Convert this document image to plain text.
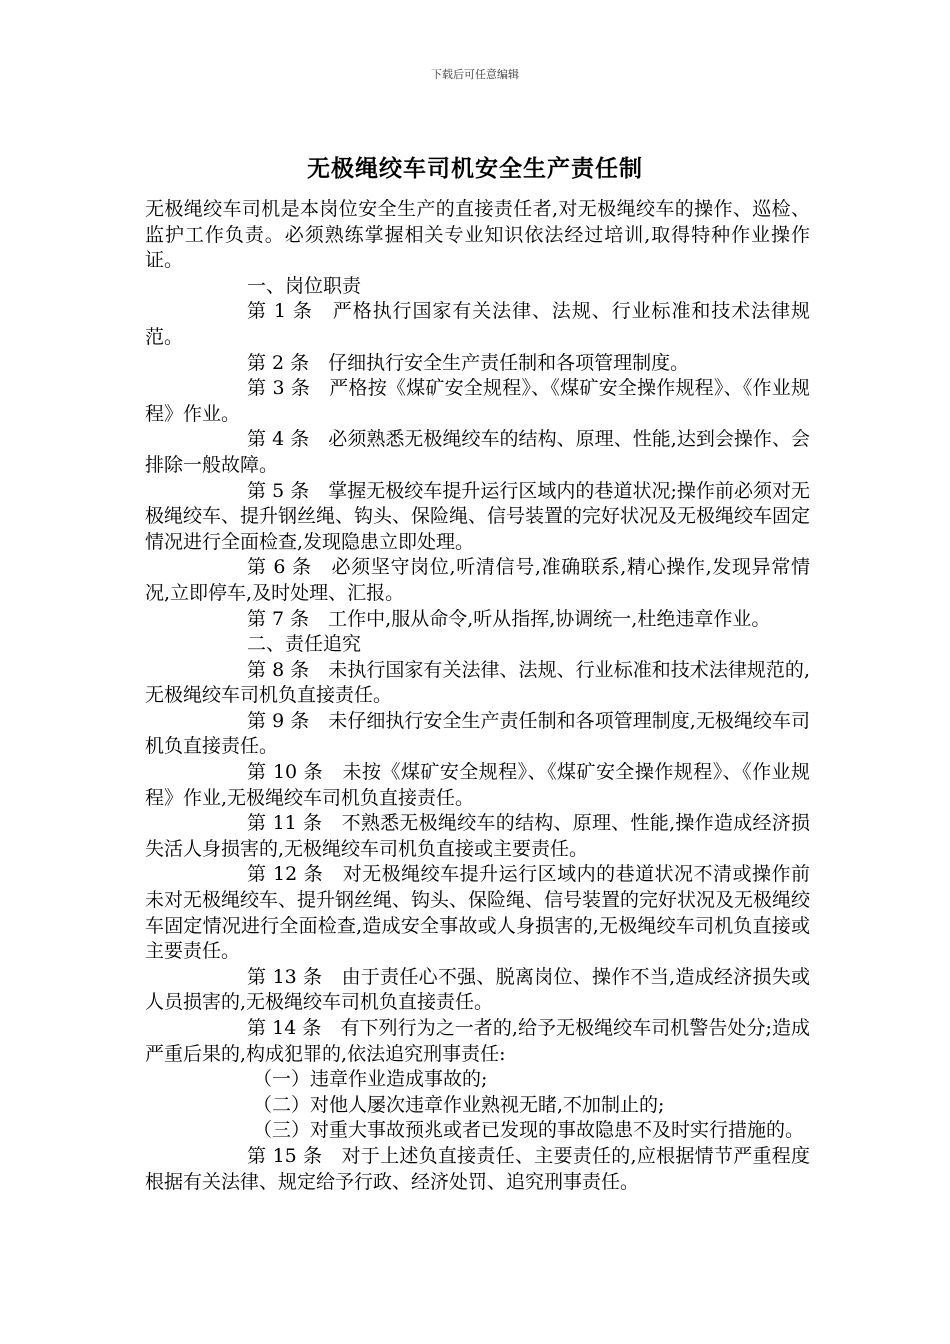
下载后可任意编辑
无极绳绞车司机安全生产责任制

无极绳绞车司机是本岗位安全生产的直接责任者,对无极绳绞车的操作、巡检、监护工作负责。必须熟练掌握相关专业知识依法经过培训,取得特种作业操作证。

一、岗位职责

第 1 条　严格执行国家有关法律、法规、行业标准和技术法律规范。

第 2 条　仔细执行安全生产责任制和各项管理制度。

第 3 条　严格按《煤矿安全规程》、《煤矿安全操作规程》、《作业规程》作业。

第 4 条　必须熟悉无极绳绞车的结构、原理、性能,达到会操作、会排除一般故障。

第 5 条　掌握无极绞车提升运行区域内的巷道状况;操作前必须对无极绳绞车、提升钢丝绳、钩头、保险绳、信号装置的完好状况及无极绳绞车固定情况进行全面检查,发现隐患立即处理。

第 6 条　必须坚守岗位,听清信号,准确联系,精心操作,发现异常情况,立即停车,及时处理、汇报。

第 7 条　工作中,服从命令,听从指挥,协调统一,杜绝违章作业。

二、责任追究

第 8 条　未执行国家有关法律、法规、行业标准和技术法律规范的,无极绳绞车司机负直接责任。

第 9 条　未仔细执行安全生产责任制和各项管理制度,无极绳绞车司机负直接责任。

第 10 条　未按《煤矿安全规程》、《煤矿安全操作规程》、《作业规程》作业,无极绳绞车司机负直接责任。

第 11 条　不熟悉无极绳绞车的结构、原理、性能,操作造成经济损失活人身损害的,无极绳绞车司机负直接或主要责任。

第 12 条　对无极绳绞车提升运行区域内的巷道状况不清或操作前未对无极绳绞车、提升钢丝绳、钩头、保险绳、信号装置的完好状况及无极绳绞车固定情况进行全面检查,造成安全事故或人身损害的,无极绳绞车司机负直接或主要责任。

第 13 条　由于责任心不强、脱离岗位、操作不当,造成经济损失或人员损害的,无极绳绞车司机负直接责任。

第 14 条　有下列行为之一者的,给予无极绳绞车司机警告处分;造成严重后果的,构成犯罪的,依法追究刑事责任:

（一）违章作业造成事故的;

（二）对他人屡次违章作业熟视无睹,不加制止的;

（三）对重大事故预兆或者已发现的事故隐患不及时实行措施的。

第 15 条　对于上述负直接责任、主要责任的,应根据情节严重程度根据有关法律、规定给予行政、经济处罚、追究刑事责任。
